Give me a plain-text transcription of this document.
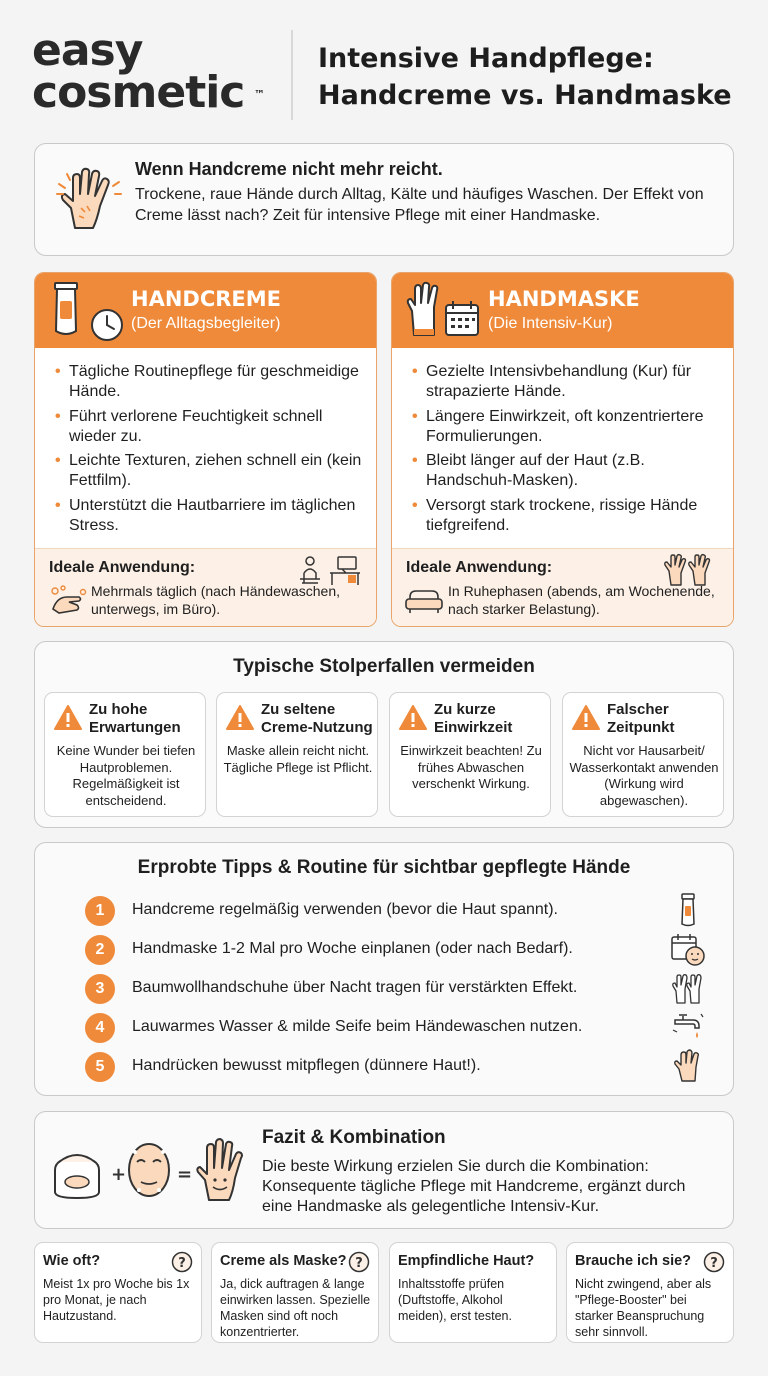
easy
cosmetic ™
Intensive Handpflege:
Handcreme vs. Handmaske
Wenn Handcreme nicht mehr reicht.
Trockene, raue Hände durch Alltag, Kälte und häufiges Waschen. Der Effekt von Creme lässt nach? Zeit für intensive Pflege mit einer Handmaske.
HANDCREME
(Der Alltagsbegleiter)
• Tägliche Routinepflege für geschmeidige Hände.
• Führt verlorene Feuchtigkeit schnell wieder zu.
• Leichte Texturen, ziehen schnell ein (kein Fettfilm).
• Unterstützt die Hautbarriere im täglichen Stress.
Ideale Anwendung:
Mehrmals täglich (nach Händewaschen, unterwegs, im Büro).
HANDMASKE
(Die Intensiv-Kur)
• Gezielte Intensivbehandlung (Kur) für strapazierte Hände.
• Längere Einwirkzeit, oft konzentriertere Formulierungen.
• Bleibt länger auf der Haut (z.B. Handschuh-Masken).
• Versorgt stark trockene, rissige Hände tiefgreifend.
Ideale Anwendung:
In Ruhephasen (abends, am Wochenende, nach starker Belastung).
Typische Stolperfallen vermeiden
Zu hohe Erwartungen
Keine Wunder bei tiefen Hautproblemen. Regelmäßigkeit ist entscheidend.
Zu seltene Creme-Nutzung
Maske allein reicht nicht. Tägliche Pflege ist Pflicht.
Zu kurze Einwirkzeit
Einwirkzeit beachten! Zu frühes Abwaschen verschenkt Wirkung.
Falscher Zeitpunkt
Nicht vor Hausarbeit/ Wasserkontakt anwenden (Wirkung wird abgewaschen).
Erprobte Tipps & Routine für sichtbar gepflegte Hände
1	Handcreme regelmäßig verwenden (bevor die Haut spannt).
2	Handmaske 1-2 Mal pro Woche einplanen (oder nach Bedarf).
3	Baumwollhandschuhe über Nacht tragen für verstärkten Effekt.
4	Lauwarmes Wasser & milde Seife beim Händewaschen nutzen.
5	Handrücken bewusst mitpflegen (dünnere Haut!).
+	=
Fazit & Kombination
Die beste Wirkung erzielen Sie durch die Kombination: Konsequente tägliche Pflege mit Handcreme, ergänzt durch eine Handmaske als gelegentliche Intensiv-Kur.
Wie oft?	?
Meist 1x pro Woche bis 1x pro Monat, je nach Hautzustand.
Creme als Maske? ?
Ja, dick auftragen & lange einwirken lassen. Spezielle Masken sind oft noch konzentrierter.
Empfindliche Haut?
Inhaltsstoffe prüfen (Duftstoffe, Alkohol meiden), erst testen.
Brauche ich sie? ?
Nicht zwingend, aber als "Pflege-Booster" bei starker Beanspruchung sehr sinnvoll.
